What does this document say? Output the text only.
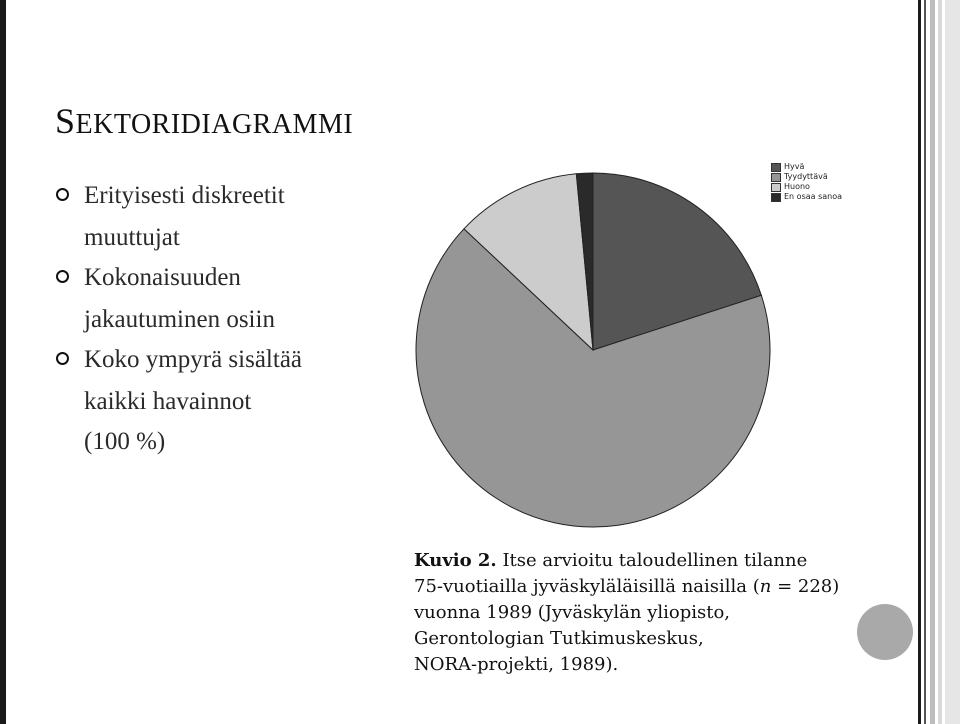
SEKTORIDIAGRAMMI
Erityisesti diskreetit
muuttujat
Kokonaisuuden
jakautuminen osiin
Koko ympyrä sisältää
kaikki havainnot
(100 %)
Hyvä
Tyydyttävä
Huono
En osaa sanoa
Kuvio 2. Itse arvioitu taloudellinen tilanne
75-vuotiailla jyväskyläläisillä naisilla (n = 228)
vuonna 1989 (Jyväskylän yliopisto,
Gerontologian Tutkimuskeskus,
NORA-projekti, 1989).
